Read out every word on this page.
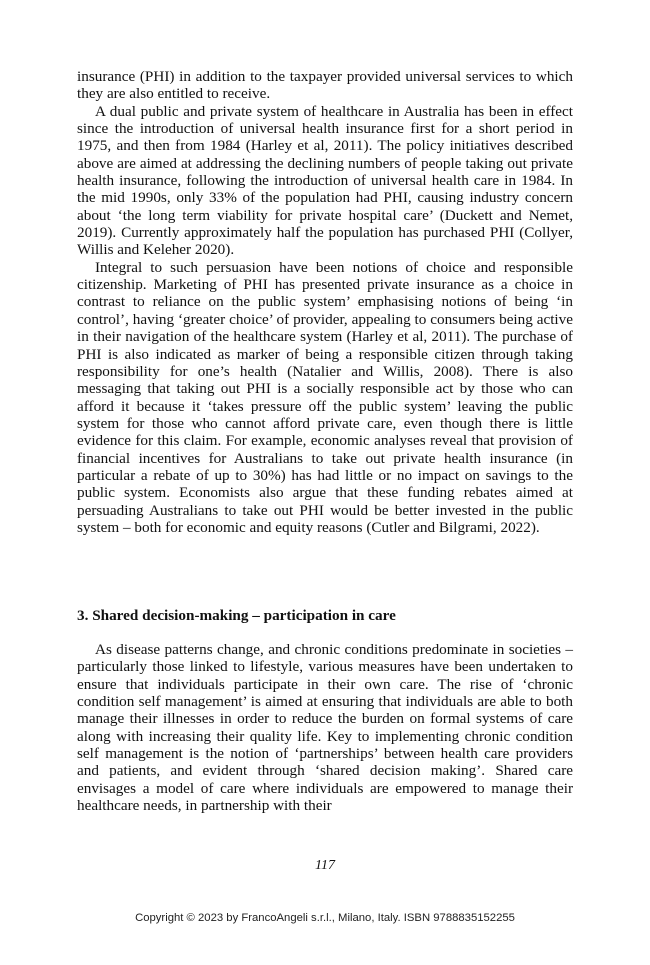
insurance (PHI) in addition to the taxpayer provided universal services to which they are also entitled to receive.

A dual public and private system of healthcare in Australia has been in effect since the introduction of universal health insurance first for a short period in 1975, and then from 1984 (Harley et al, 2011). The policy initiatives described above are aimed at addressing the declining numbers of people taking out private health insurance, following the introduction of universal health care in 1984. In the mid 1990s, only 33% of the population had PHI, causing industry concern about ‘the long term viability for private hospital care’ (Duckett and Nemet, 2019). Currently approximately half the population has purchased PHI (Collyer, Willis and Keleher 2020).

Integral to such persuasion have been notions of choice and responsible citizenship. Marketing of PHI has presented private insurance as a choice in contrast to reliance on the public system’ emphasising notions of being ‘in control’, having ‘greater choice’ of provider, appealing to consumers being active in their navigation of the healthcare system (Harley et al, 2011). The purchase of PHI is also indicated as marker of being a responsible citizen through taking responsibility for one’s health (Natalier and Willis, 2008). There is also messaging that taking out PHI is a socially responsible act by those who can afford it because it ‘takes pressure off the public system’ leaving the public system for those who cannot afford private care, even though there is little evidence for this claim. For example, economic analyses reveal that provision of financial incentives for Australians to take out private health insurance (in particular a rebate of up to 30%) has had little or no impact on savings to the public system. Economists also argue that these funding rebates aimed at persuading Australians to take out PHI would be better invested in the public system – both for economic and equity reasons (Cutler and Bilgrami, 2022).

3. Shared decision-making – participation in care

As disease patterns change, and chronic conditions predominate in societies – particularly those linked to lifestyle, various measures have been undertaken to ensure that individuals participate in their own care. The rise of ‘chronic condition self management’ is aimed at ensuring that individuals are able to both manage their illnesses in order to reduce the burden on formal systems of care along with increasing their quality life. Key to implementing chronic condition self management is the notion of ‘partnerships’ between health care providers and patients, and evident through ‘shared decision making’. Shared care envisages a model of care where individuals are empowered to manage their healthcare needs, in partnership with their

117
Copyright © 2023 by FrancoAngeli s.r.l., Milano, Italy. ISBN 9788835152255
